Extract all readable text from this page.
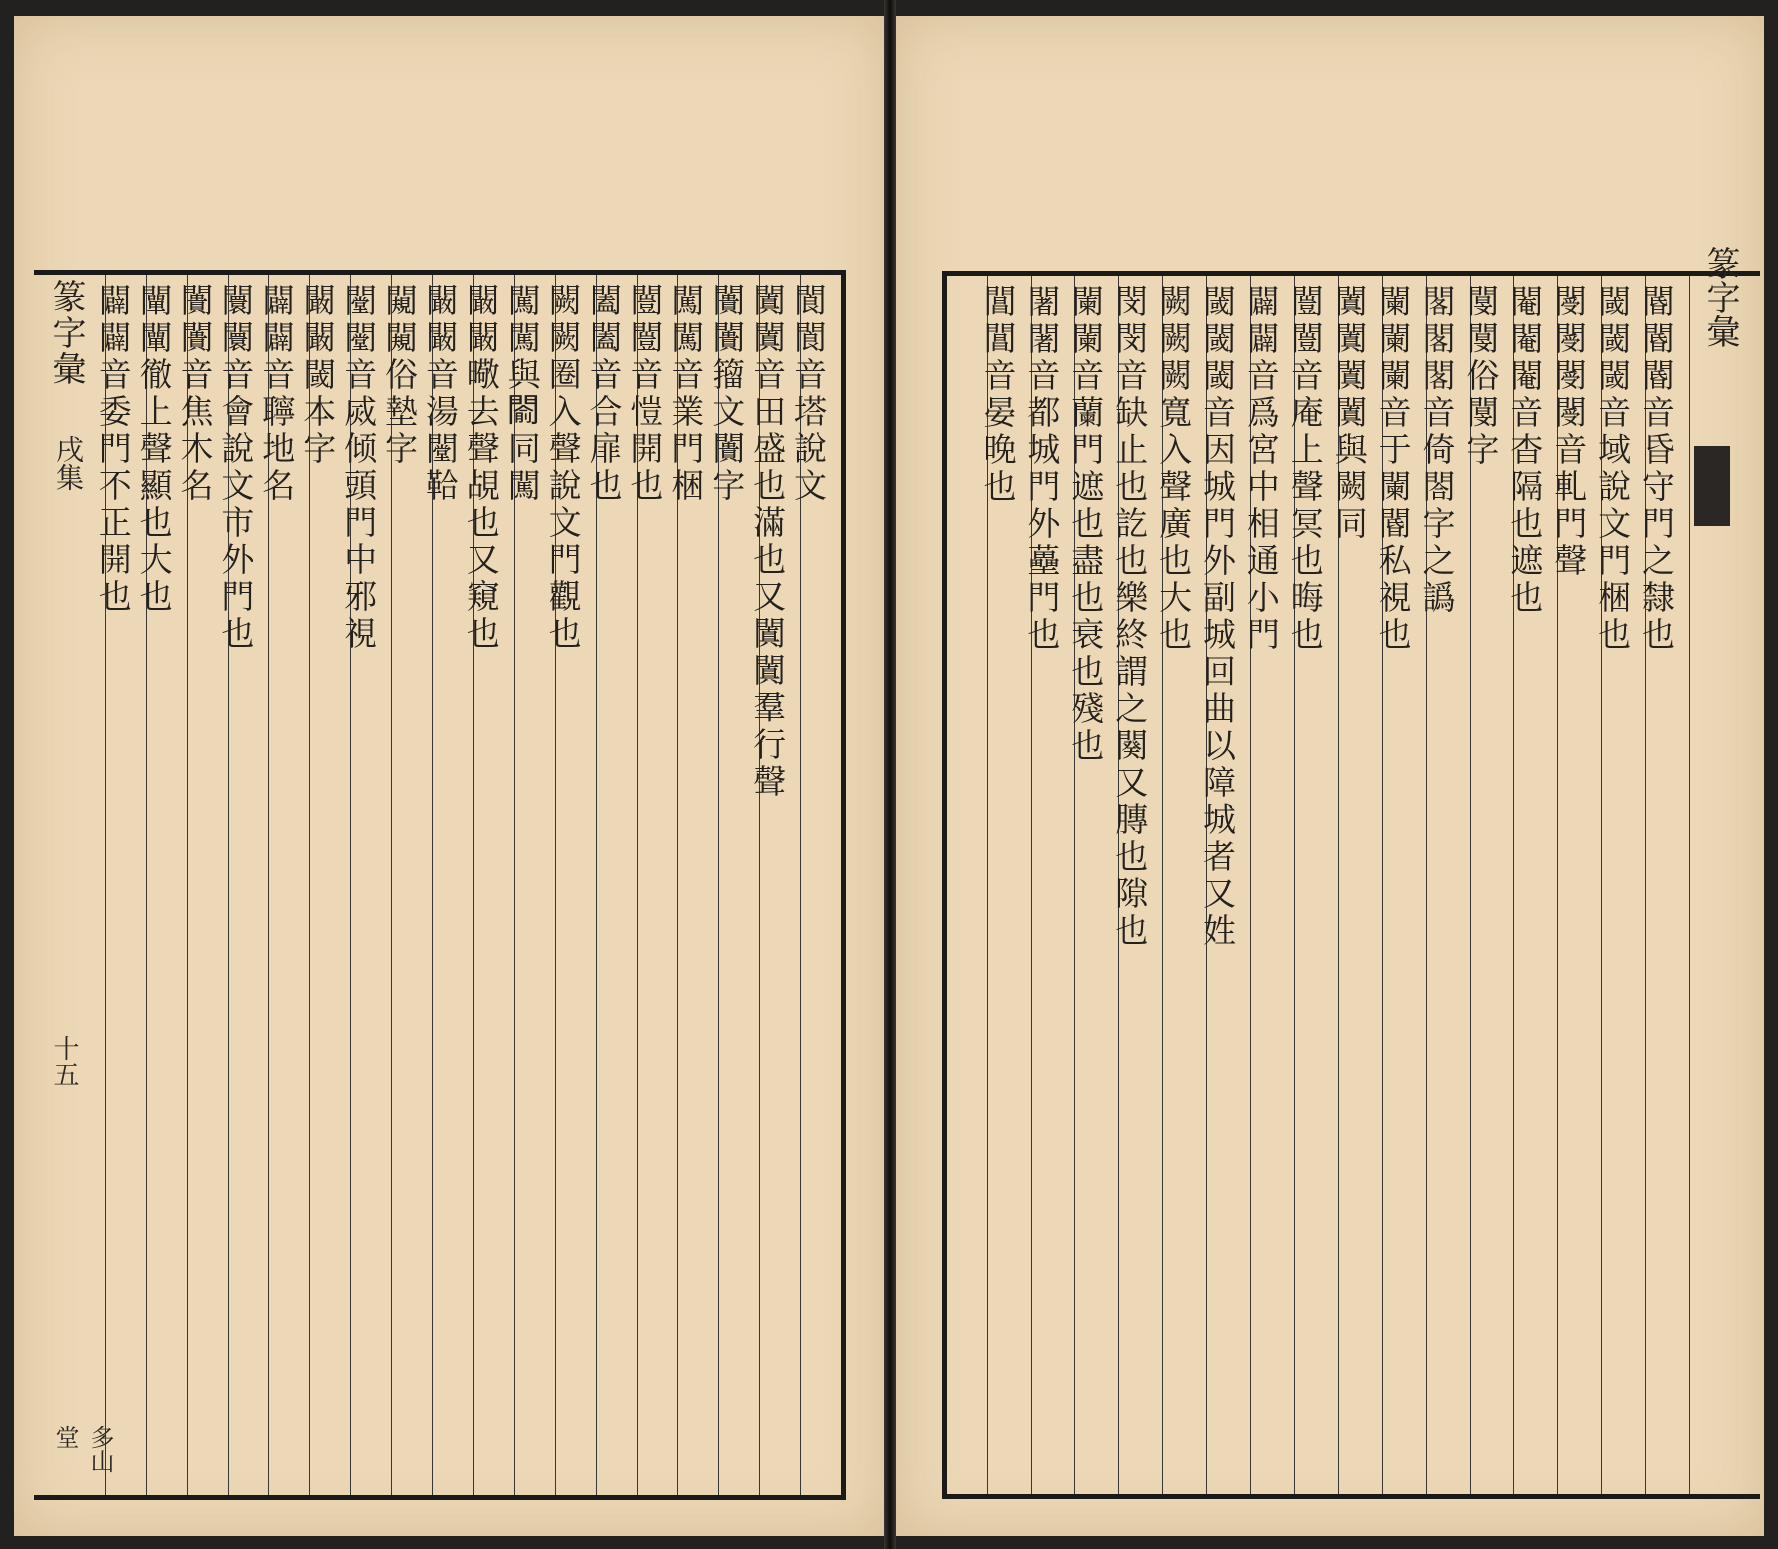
閬閬音塔說文
闐闐音田盛也滿也又闐闐羣行聲
闠闠籀文闠字
闖闖音業門梱
闓闓音愷開也
闔闔音合扉也
闕闕圈入聲說文門觀也
闖闖與𨵦同闖
闞闞曔去聲覘也又窺也
闞闞音湯闛鞈
闚闚俗墊字
闛闛音烕倾頭門中邪視
闞闞閾本字
闢闢音聹地名
闤闤音會說文市外門也
闠闠音焦木名
闡闡徹上聲顯也大也
闢闢音委門不正開也
篆字彙
戌集
十五
多山堂
閽閽閽音昏守門之隸也
閾閾閾音域說文門梱也
閿閿閿閿音軋門聲
閹閹閹音杳隔也遮也
閺閺俗閺字
閣閣閣音倚閤字之譌
闌闌闌音于闌閽私視也
闐闐闐闐與闕同
闓闓音庵上聲冥也晦也
闢闢音爲宮中相通小門
閾閾閾音因城門外副城回曲以障城者又姓
闕闕闕寬入聲廣也大也
閔閔音缺止也訖也樂終謂之闋又膞也隙也
闌闌音蘭門遮也盡也衰也殘也
闍闍音都城門外蘲門也
閶閶音晏晚也	篆字彙
